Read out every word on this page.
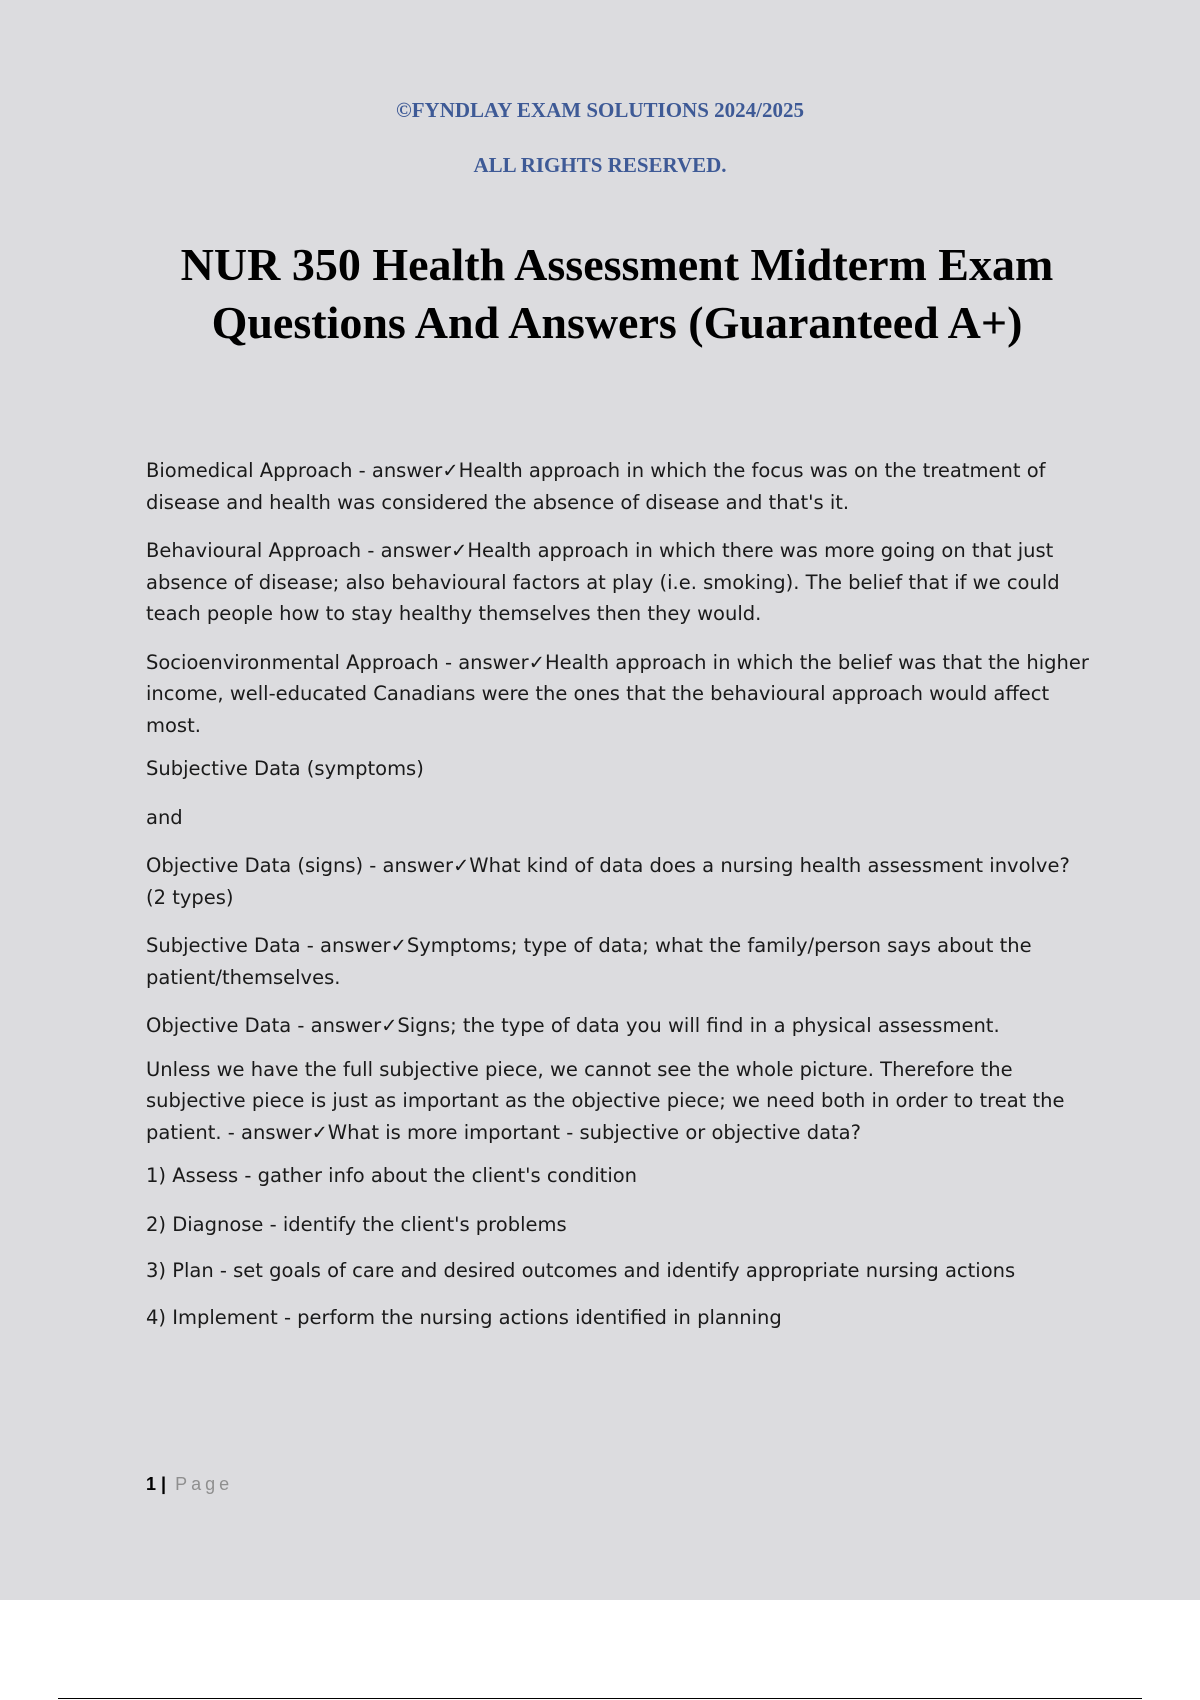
©FYNDLAY EXAM SOLUTIONS 2024/2025
ALL RIGHTS RESERVED.
NUR 350 Health Assessment Midterm Exam
Questions And Answers (Guaranteed A+)

Biomedical Approach - answer✓Health approach in which the focus was on the treatment of disease and health was considered the absence of disease and that's it.

Behavioural Approach - answer✓Health approach in which there was more going on that just absence of disease; also behavioural factors at play (i.e. smoking). The belief that if we could teach people how to stay healthy themselves then they would.

Socioenvironmental Approach - answer✓Health approach in which the belief was that the higher income, well-educated Canadians were the ones that the behavioural approach would affect most.

Subjective Data (symptoms)

and

Objective Data (signs) - answer✓What kind of data does a nursing health assessment involve? (2 types)

Subjective Data - answer✓Symptoms; type of data; what the family/person says about the patient/themselves.

Objective Data - answer✓Signs; the type of data you will find in a physical assessment.

Unless we have the full subjective piece, we cannot see the whole picture. Therefore the subjective piece is just as important as the objective piece; we need both in order to treat the patient. - answer✓What is more important - subjective or objective data?

1) Assess - gather info about the client's condition

2) Diagnose - identify the client's problems

3) Plan - set goals of care and desired outcomes and identify appropriate nursing actions

4) Implement - perform the nursing actions identified in planning

1 | Page
